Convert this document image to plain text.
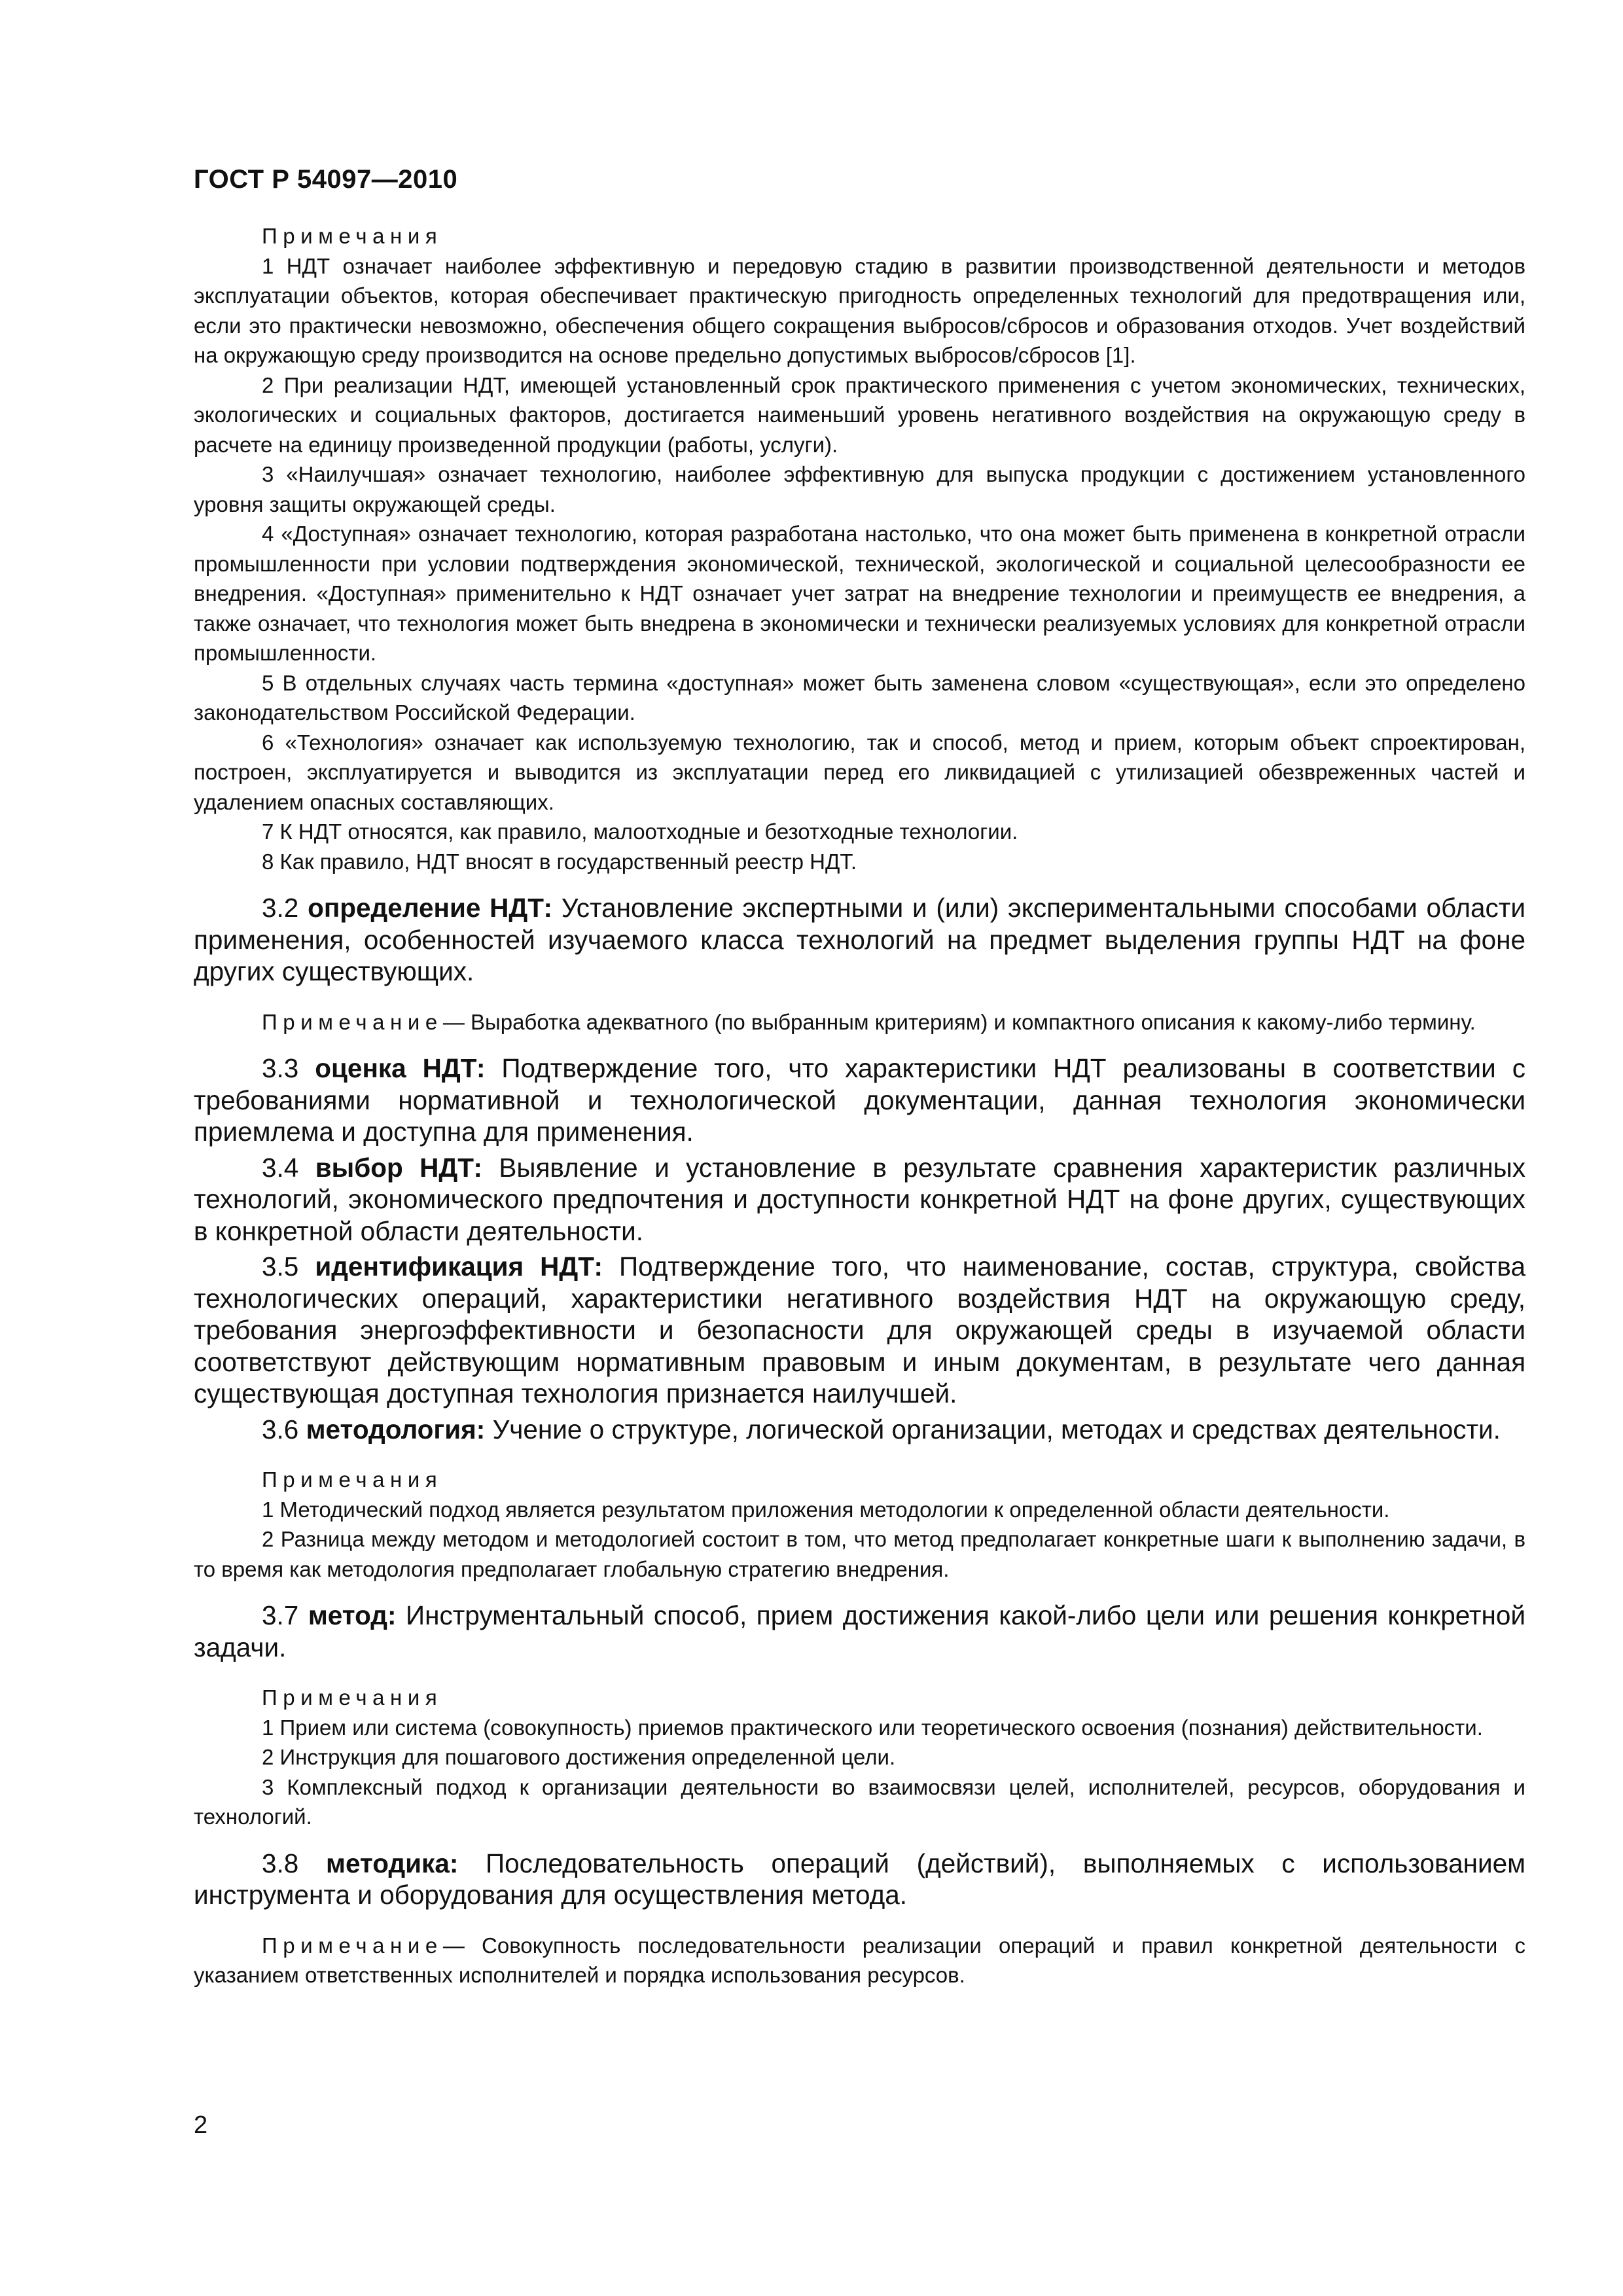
ГОСТ Р 54097—2010

Примечания

1 НДТ означает наиболее эффективную и передовую стадию в развитии производственной деятельности и методов эксплуатации объектов, которая обеспечивает практическую пригодность определенных технологий для предотвращения или, если это практически невозможно, обеспечения общего сокращения выбросов/сбросов и образования отходов. Учет воздействий на окружающую среду производится на основе предельно допустимых выбросов/сбросов [1].

2 При реализации НДТ, имеющей установленный срок практического применения с учетом экономических, технических, экологических и социальных факторов, достигается наименьший уровень негативного воздействия на окружающую среду в расчете на единицу произведенной продукции (работы, услуги).

3 «Наилучшая» означает технологию, наиболее эффективную для выпуска продукции с достижением установленного уровня защиты окружающей среды.

4 «Доступная» означает технологию, которая разработана настолько, что она может быть применена в конкретной отрасли промышленности при условии подтверждения экономической, технической, экологической и социальной целесообразности ее внедрения. «Доступная» применительно к НДТ означает учет затрат на внедрение технологии и преимуществ ее внедрения, а также означает, что технология может быть внедрена в экономически и технически реализуемых условиях для конкретной отрасли промышленности.

5 В отдельных случаях часть термина «доступная» может быть заменена словом «существующая», если это определено законодательством Российской Федерации.

6 «Технология» означает как используемую технологию, так и способ, метод и прием, которым объект спроектирован, построен, эксплуатируется и выводится из эксплуатации перед его ликвидацией с утилизацией обезвреженных частей и удалением опасных составляющих.

7 К НДТ относятся, как правило, малоотходные и безотходные технологии.

8 Как правило, НДТ вносят в государственный реестр НДТ.

3.2 определение НДТ: Установление экспертными и (или) экспериментальными способами области применения, особенностей изучаемого класса технологий на предмет выделения группы НДТ на фоне других существующих.

Примечание— Выработка адекватного (по выбранным критериям) и компактного описания к какому-либо термину.

3.3 оценка НДТ: Подтверждение того, что характеристики НДТ реализованы в соответствии с требованиями нормативной и технологической документации, данная технология экономически приемлема и доступна для применения.

3.4 выбор НДТ: Выявление и установление в результате сравнения характеристик различных технологий, экономического предпочтения и доступности конкретной НДТ на фоне других, существующих в конкретной области деятельности.

3.5 идентификация НДТ: Подтверждение того, что наименование, состав, структура, свойства технологических операций, характеристики негативного воздействия НДТ на окружающую среду, требования энергоэффективности и безопасности для окружающей среды в изучаемой области соответствуют действующим нормативным правовым и иным документам, в результате чего данная существующая доступная технология признается наилучшей.

3.6 методология: Учение о структуре, логической организации, методах и средствах деятельности.

Примечания

1 Методический подход является результатом приложения методологии к определенной области деятельности.

2 Разница между методом и методологией состоит в том, что метод предполагает конкретные шаги к выполнению задачи, в то время как методология предполагает глобальную стратегию внедрения.

3.7 метод: Инструментальный способ, прием достижения какой-либо цели или решения конкретной задачи.

Примечания

1 Прием или система (совокупность) приемов практического или теоретического освоения (познания) действительности.

2 Инструкция для пошагового достижения определенной цели.

3 Комплексный подход к организации деятельности во взаимосвязи целей, исполнителей, ресурсов, оборудования и технологий.

3.8 методика: Последовательность операций (действий), выполняемых с использованием инструмента и оборудования для осуществления метода.

Примечание— Совокупность последовательности реализации операций и правил конкретной деятельности с указанием ответственных исполнителей и порядка использования ресурсов.

2
